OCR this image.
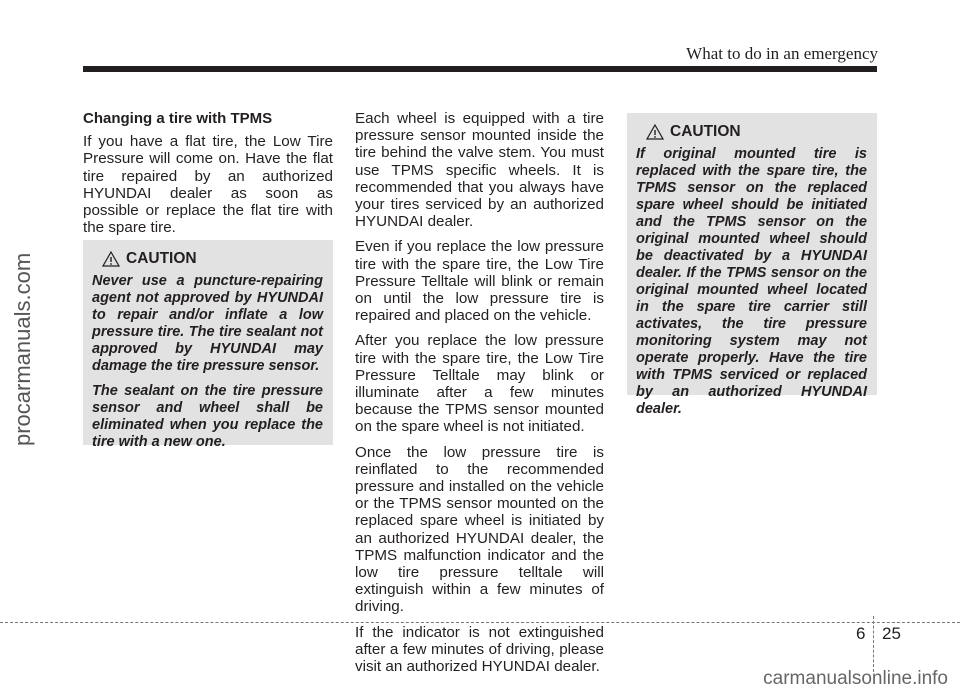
What to do in an emergency
procarmanuals.com
Changing a tire with TPMS

If you have a flat tire, the Low Tire Pressure will come on. Have the flat tire repaired by an authorized HYUNDAI dealer as soon as possible or replace the flat tire with the spare tire.

CAUTION

Never use a puncture-repairing agent not approved by HYUNDAI to repair and/or inflate a low pressure tire. The tire sealant not approved by HYUNDAI may damage the tire pressure sensor.

The sealant on the tire pressure sensor and wheel shall be eliminated when you replace the tire with a new one.

Each wheel is equipped with a tire pressure sensor mounted inside the tire behind the valve stem. You must use TPMS specific wheels. It is recommended that you always have your tires serviced by an authorized HYUNDAI dealer.

Even if you replace the low pressure tire with the spare tire, the Low Tire Pressure Telltale will blink or remain on until the low pressure tire is repaired and placed on the vehicle.

After you replace the low pressure tire with the spare tire, the Low Tire Pressure Telltale may blink or illuminate after a few minutes because the TPMS sensor mounted on the spare wheel is not initiated.

Once the low pressure tire is reinflated to the recommended pressure and installed on the vehicle or the TPMS sensor mounted on the replaced spare wheel is initiated by an authorized HYUNDAI dealer, the TPMS malfunction indicator and the low tire pressure telltale will extinguish within a few minutes of driving.

If the indicator is not extinguished after a few minutes of driving, please visit an authorized HYUNDAI dealer.

CAUTION

If original mounted tire is replaced with the spare tire, the TPMS sensor on the replaced spare wheel should be initiated and the TPMS sensor on the original mounted wheel should be deactivated by a HYUNDAI dealer. If the TPMS sensor on the original mounted wheel located in the spare tire carrier still activates, the tire pressure monitoring system may not operate properly. Have the tire with TPMS serviced or replaced by an authorized HYUNDAI dealer.

6 25
carmanualsonline.info
